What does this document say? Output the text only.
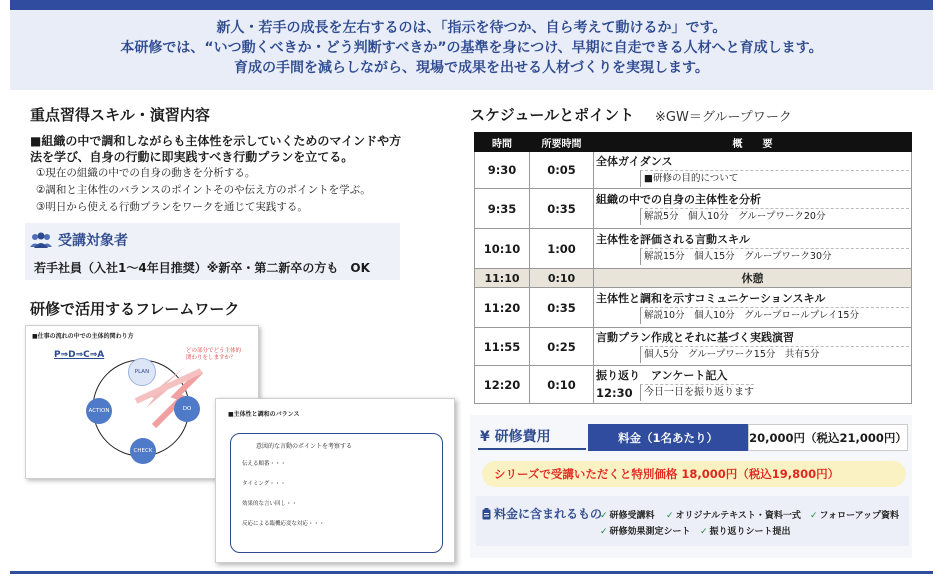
新人・若手の成長を左右するのは、「指示を待つか、自ら考えて動けるか」です。
本研修では、“いつ動くべきか・どう判断すべきか”の基準を身につけ、早期に自走できる人材へと育成します。
育成の手間を減らしながら、現場で成果を出せる人材づくりを実現します。
重点習得スキル・演習内容
■組織の中で調和しながらも主体性を示していくためのマインドや方法を学び、自身の行動に即実践すべき行動プランを立てる。
①現在の組織の中での自身の動きを分析する。
②調和と主体性のバランスのポイントそのや伝え方のポイントを学ぶ。
③明日から使える行動プランをワークを通じて実践する。
受講対象者
若手社員（入社1～4年目推奨）※新卒・第二新卒の方も　OK
研修で活用するフレームワーク
■仕事の流れの中での主体的関わり方
P⇒D⇒C⇒A	どの部分でどう主体的関わりをしますか？
PLAN
DO
CHECK
ACTION	■主体性と調和のバランス
意図的な言動のポイントを考察する
伝える順番・・・
タイミング・・・
効果的な言い回し・・
反応による臨機応変な対応・・・
スケジュールとポイント ※GW＝グループワーク
時間	所要時間	概　　要
9:30	0:05	全体ガイダンス
■研修の目的について

9:35	0:35	組織の中での自身の主体性を分析
解説5分　個人10分　グループワーク20分

10:10	1:00	主体性を評価される言動スキル
解説15分　個人15分　グループワーク30分

11:10	0:10	休憩
11:20	0:35	主体性と調和を示すコミュニケーションスキル
解説10分　個人10分　グループロールプレイ15分

11:55	0:25	言動プラン作成とそれに基づく実践演習
個人5分　グループワーク15分　共有5分

12:20	0:10	振り返り　アンケート記入
12:30 今日一日を振り返ります
¥ 研修費用	料金（1名あたり）	20,000円（税込21,000円）
シリーズで受講いただくと特別価格 18,000円（税込19,800円）
料金に含まれるもの
✓ 研修受講料 ✓ オリジナルテキスト・資料一式 ✓ フォローアップ資料
✓ 研修効果測定シート ✓ 振り返りシート提出
